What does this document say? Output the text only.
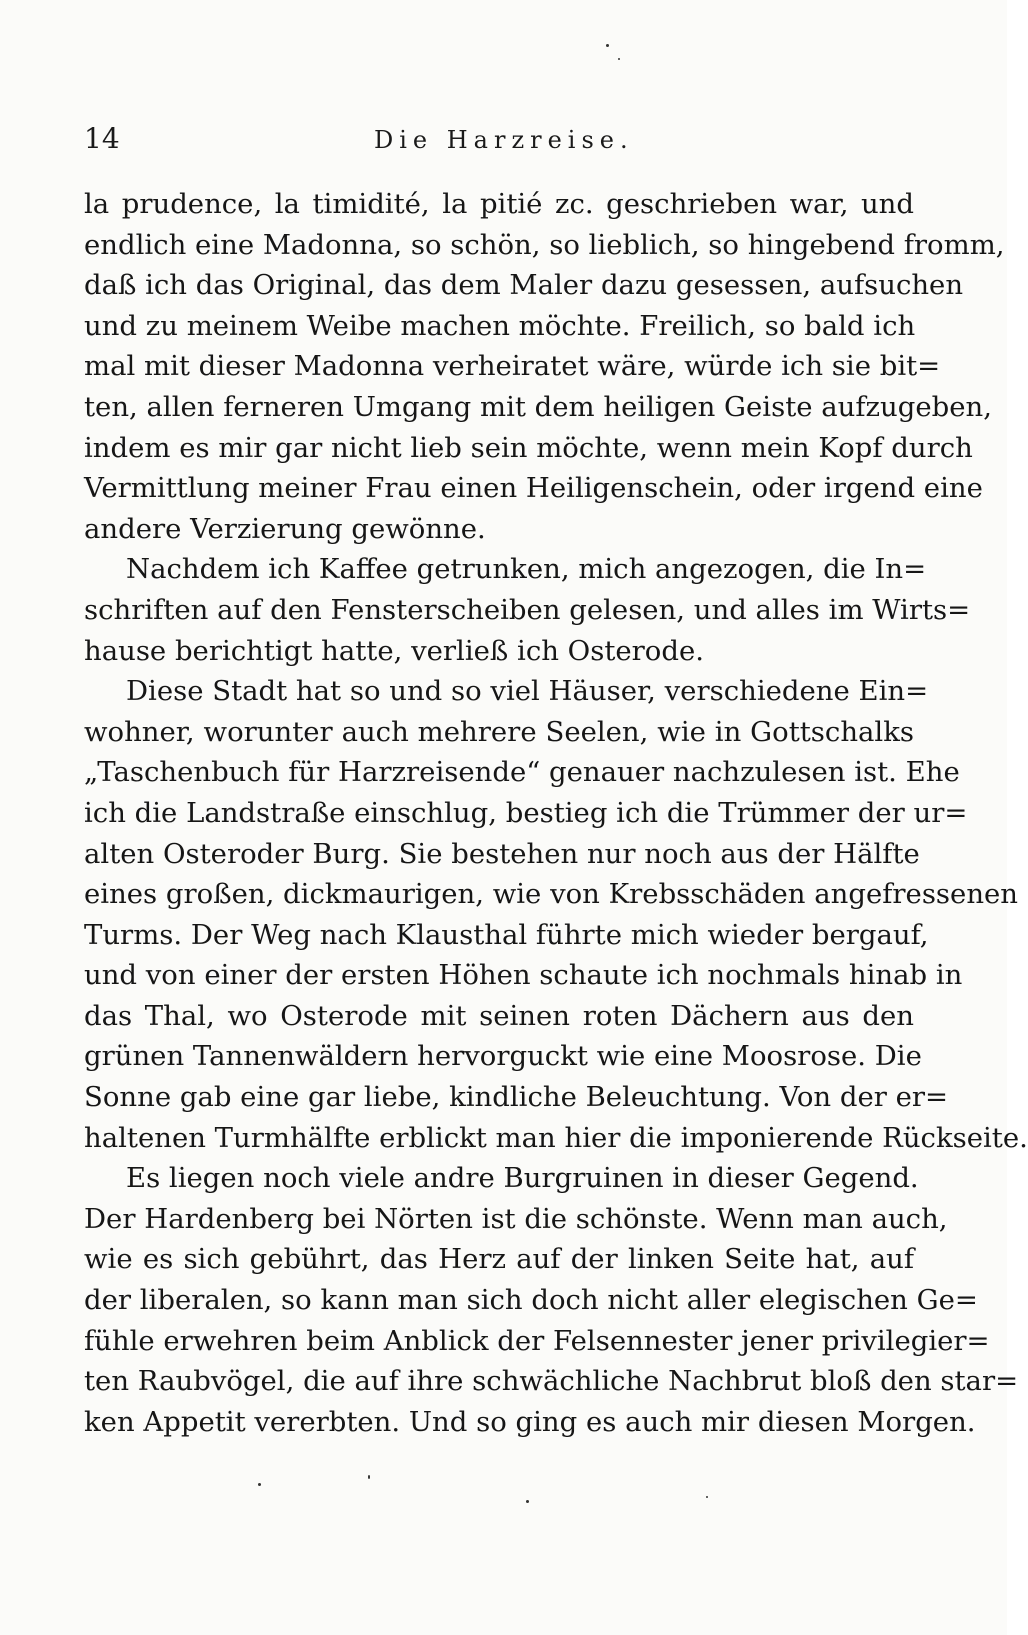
14	Die Harzreise.
la prudence, la timidité, la pitié zc. geschrieben war, und
endlich eine Madonna, so schön, so lieblich, so hingebend fromm,
daß ich das Original, das dem Maler dazu gesessen, aufsuchen
und zu meinem Weibe machen möchte. Freilich, so bald ich
mal mit dieser Madonna verheiratet wäre, würde ich sie bit=
ten, allen ferneren Umgang mit dem heiligen Geiste aufzugeben,
indem es mir gar nicht lieb sein möchte, wenn mein Kopf durch
Vermittlung meiner Frau einen Heiligenschein, oder irgend eine
andere Verzierung gewönne.
Nachdem ich Kaffee getrunken, mich angezogen, die In=
schriften auf den Fensterscheiben gelesen, und alles im Wirts=
hause berichtigt hatte, verließ ich Osterode.
Diese Stadt hat so und so viel Häuser, verschiedene Ein=
wohner, worunter auch mehrere Seelen, wie in Gottschalks
„Taschenbuch für Harzreisende“ genauer nachzulesen ist. Ehe
ich die Landstraße einschlug, bestieg ich die Trümmer der ur=
alten Osteroder Burg. Sie bestehen nur noch aus der Hälfte
eines großen, dickmaurigen, wie von Krebsschäden angefressenen
Turms. Der Weg nach Klausthal führte mich wieder bergauf,
und von einer der ersten Höhen schaute ich nochmals hinab in
das Thal, wo Osterode mit seinen roten Dächern aus den
grünen Tannenwäldern hervorguckt wie eine Moosrose. Die
Sonne gab eine gar liebe, kindliche Beleuchtung. Von der er=
haltenen Turmhälfte erblickt man hier die imponierende Rückseite.
Es liegen noch viele andre Burgruinen in dieser Gegend.
Der Hardenberg bei Nörten ist die schönste. Wenn man auch,
wie es sich gebührt, das Herz auf der linken Seite hat, auf
der liberalen, so kann man sich doch nicht aller elegischen Ge=
fühle erwehren beim Anblick der Felsennester jener privilegier=
ten Raubvögel, die auf ihre schwächliche Nachbrut bloß den star=
ken Appetit vererbten. Und so ging es auch mir diesen Morgen.
